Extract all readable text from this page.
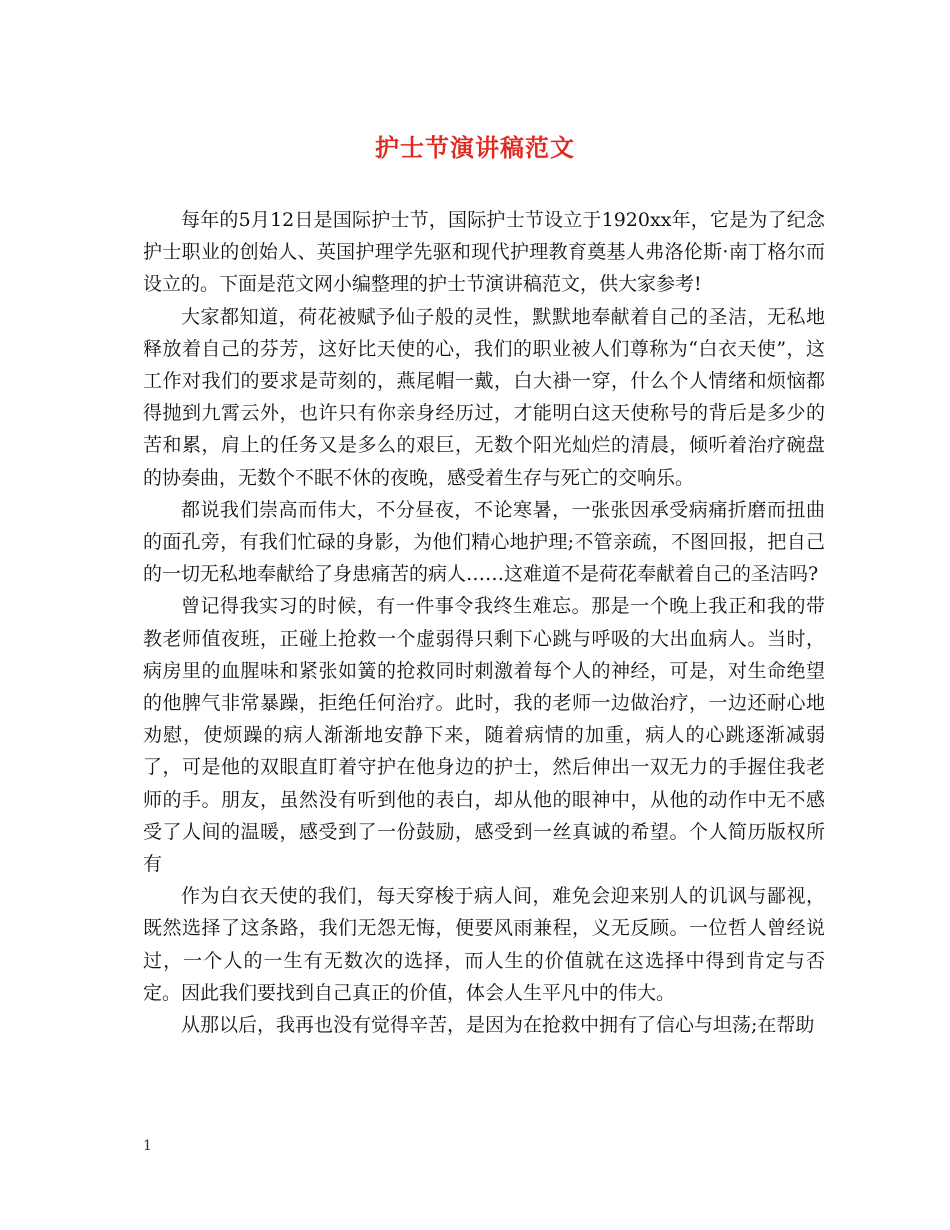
护士节演讲稿范文

每年的5月12日是国际护士节，国际护士节设立于1920xx年，它是为了纪念护士职业的创始人、英国护理学先驱和现代护理教育奠基人弗洛伦斯·南丁格尔而设立的。下面是范文网小编整理的护士节演讲稿范文，供大家参考!

大家都知道，荷花被赋予仙子般的灵性，默默地奉献着自己的圣洁，无私地释放着自己的芬芳，这好比天使的心，我们的职业被人们尊称为“白衣天使”，这工作对我们的要求是苛刻的，燕尾帽一戴，白大褂一穿，什么个人情绪和烦恼都得抛到九霄云外，也许只有你亲身经历过，才能明白这天使称号的背后是多少的苦和累，肩上的任务又是多么的艰巨，无数个阳光灿烂的清晨，倾听着治疗碗盘的协奏曲，无数个不眠不休的夜晚，感受着生存与死亡的交响乐。

都说我们崇高而伟大，不分昼夜，不论寒暑，一张张因承受病痛折磨而扭曲的面孔旁，有我们忙碌的身影，为他们精心地护理;不管亲疏，不图回报，把自己的一切无私地奉献给了身患痛苦的病人……这难道不是荷花奉献着自己的圣洁吗?

曾记得我实习的时候，有一件事令我终生难忘。那是一个晚上我正和我的带教老师值夜班，正碰上抢救一个虚弱得只剩下心跳与呼吸的大出血病人。当时，病房里的血腥味和紧张如簧的抢救同时刺激着每个人的神经，可是，对生命绝望的他脾气非常暴躁，拒绝任何治疗。此时，我的老师一边做治疗，一边还耐心地劝慰，使烦躁的病人渐渐地安静下来，随着病情的加重，病人的心跳逐渐减弱了，可是他的双眼直盯着守护在他身边的护士，然后伸出一双无力的手握住我老师的手。朋友，虽然没有听到他的表白，却从他的眼神中，从他的动作中无不感受了人间的温暖，感受到了一份鼓励，感受到一丝真诚的希望。个人简历版权所有

作为白衣天使的我们，每天穿梭于病人间，难免会迎来别人的讥讽与鄙视，既然选择了这条路，我们无怨无悔，便要风雨兼程，义无反顾。一位哲人曾经说过，一个人的一生有无数次的选择，而人生的价值就在这选择中得到肯定与否定。因此我们要找到自己真正的价值，体会人生平凡中的伟大。

从那以后，我再也没有觉得辛苦，是因为在抢救中拥有了信心与坦荡;在帮助

1
